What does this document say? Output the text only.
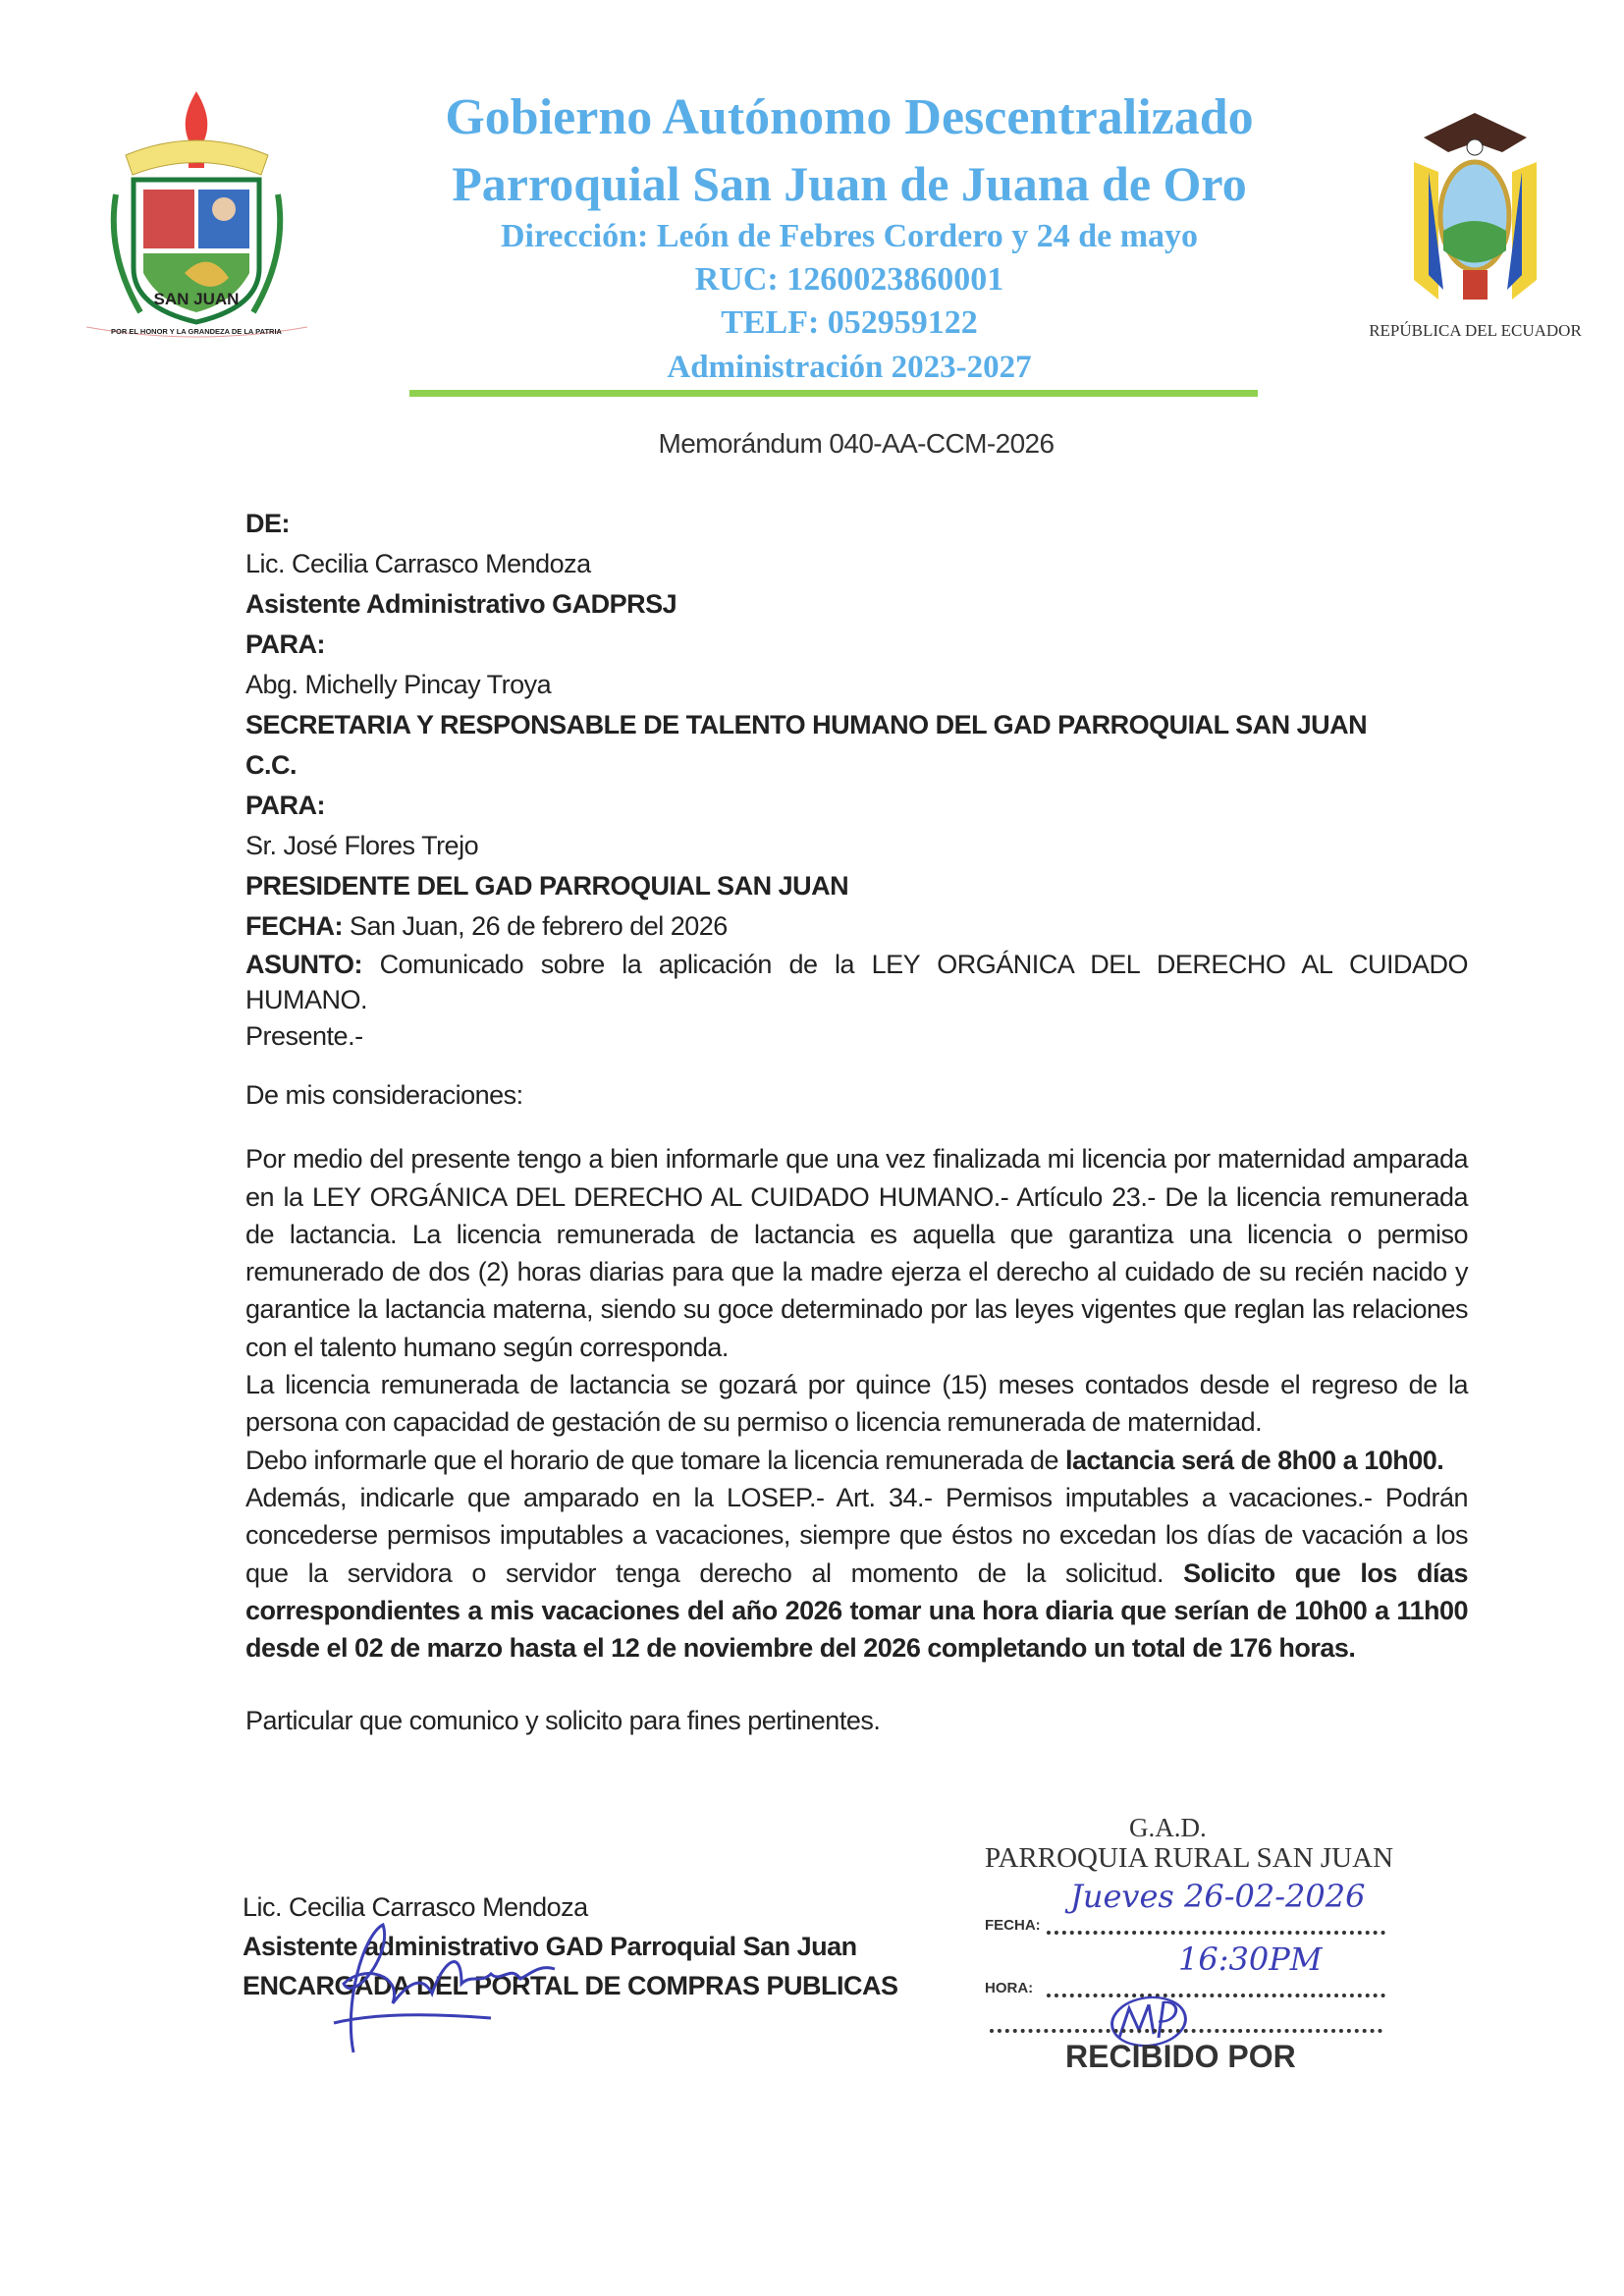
SAN JUAN
POR EL HONOR Y LA GRANDEZA DE LA PATRIA	REPÚBLICA DEL ECUADOR
Gobierno Autónomo Descentralizado
Parroquial San Juan de Juana de Oro
Dirección: León de Febres Cordero y 24 de mayo
RUC: 1260023860001
TELF: 052959122
Administración 2023-2027
Memorándum 040-AA-CCM-2026
DE:
Lic. Cecilia Carrasco Mendoza
Asistente Administrativo GADPRSJ
PARA:
Abg. Michelly Pincay Troya
SECRETARIA Y RESPONSABLE DE TALENTO HUMANO DEL GAD PARROQUIAL SAN JUAN
C.C.
PARA:
Sr. José Flores Trejo
PRESIDENTE DEL GAD PARROQUIAL SAN JUAN
FECHA: San Juan, 26 de febrero del 2026
ASUNTO: Comunicado sobre la aplicación de la LEY ORGÁNICA DEL DERECHO AL CUIDADO HUMANO.
Presente.-
De mis consideraciones:
Por medio del presente tengo a bien informarle que una vez finalizada mi licencia por maternidad amparada en la LEY ORGÁNICA DEL DERECHO AL CUIDADO HUMANO.- Artículo 23.- De la licencia remunerada de lactancia. La licencia remunerada de lactancia es aquella que garantiza una licencia o permiso remunerado de dos (2) horas diarias para que la madre ejerza el derecho al cuidado de su recién nacido y garantice la lactancia materna, siendo su goce determinado por las leyes vigentes que reglan las relaciones con el talento humano según corresponda.
La licencia remunerada de lactancia se gozará por quince (15) meses contados desde el regreso de la persona con capacidad de gestación de su permiso o licencia remunerada de maternidad.
Debo informarle que el horario de que tomare la licencia remunerada de lactancia será de 8h00 a 10h00.
Además, indicarle que amparado en la LOSEP.- Art. 34.- Permisos imputables a vacaciones.- Podrán concederse permisos imputables a vacaciones, siempre que éstos no excedan los días de vacación a los que la servidora o servidor tenga derecho al momento de la solicitud. Solicito que los días correspondientes a mis vacaciones del año 2026 tomar una hora diaria que serían de 10h00 a 11h00 desde el 02 de marzo hasta el 12 de noviembre del 2026 completando un total de 176 horas.
Particular que comunico y solicito para fines pertinentes.
Lic. Cecilia Carrasco Mendoza
Asistente administrativo GAD Parroquial San Juan
ENCARGADA DEL PORTAL DE COMPRAS PUBLICAS
G.A.D.
PARROQUIA RURAL SAN JUAN
Jueves 26-02-2026
FECHA:
16:30PM
HORA:
RECIBIDO POR
